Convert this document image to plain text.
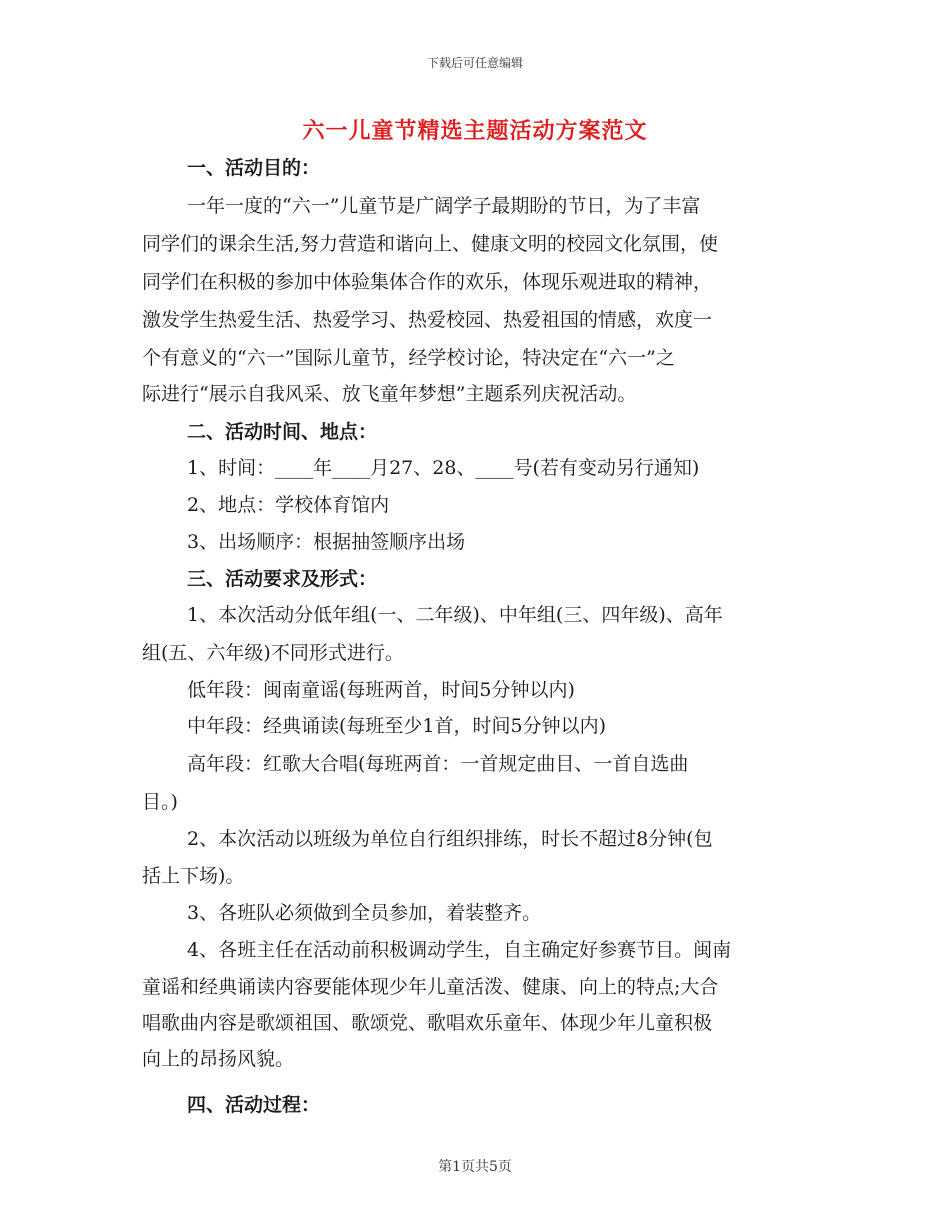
下载后可任意编辑
六一儿童节精选主题活动方案范文
一、活动目的：
一年一度的“六一”儿童节是广阔学子最期盼的节日，为了丰富
同学们的课余生活,努力营造和谐向上、健康文明的校园文化氛围，使
同学们在积极的参加中体验集体合作的欢乐，体现乐观进取的精神，
激发学生热爱生活、热爱学习、热爱校园、热爱祖国的情感，欢度一
个有意义的“六一”国际儿童节，经学校讨论，特决定在“六一”之
际进行“展示自我风采、放飞童年梦想”主题系列庆祝活动。
二、活动时间、地点：
1、时间：____年____月27、28、____号(若有变动另行通知)
2、地点：学校体育馆内
3、出场顺序：根据抽签顺序出场
三、活动要求及形式：
1、本次活动分低年组(一、二年级)、中年组(三、四年级)、高年
组(五、六年级)不同形式进行。
低年段：闽南童谣(每班两首，时间5分钟以内)
中年段：经典诵读(每班至少1首，时间5分钟以内)
高年段：红歌大合唱(每班两首：一首规定曲目、一首自选曲
目。)
2、本次活动以班级为单位自行组织排练，时长不超过8分钟(包
括上下场)。
3、各班队必须做到全员参加，着装整齐。
4、各班主任在活动前积极调动学生，自主确定好参赛节目。闽南
童谣和经典诵读内容要能体现少年儿童活泼、健康、向上的特点;大合
唱歌曲内容是歌颂祖国、歌颂党、歌唱欢乐童年、体现少年儿童积极
向上的昂扬风貌。
四、活动过程：
第1页共5页
